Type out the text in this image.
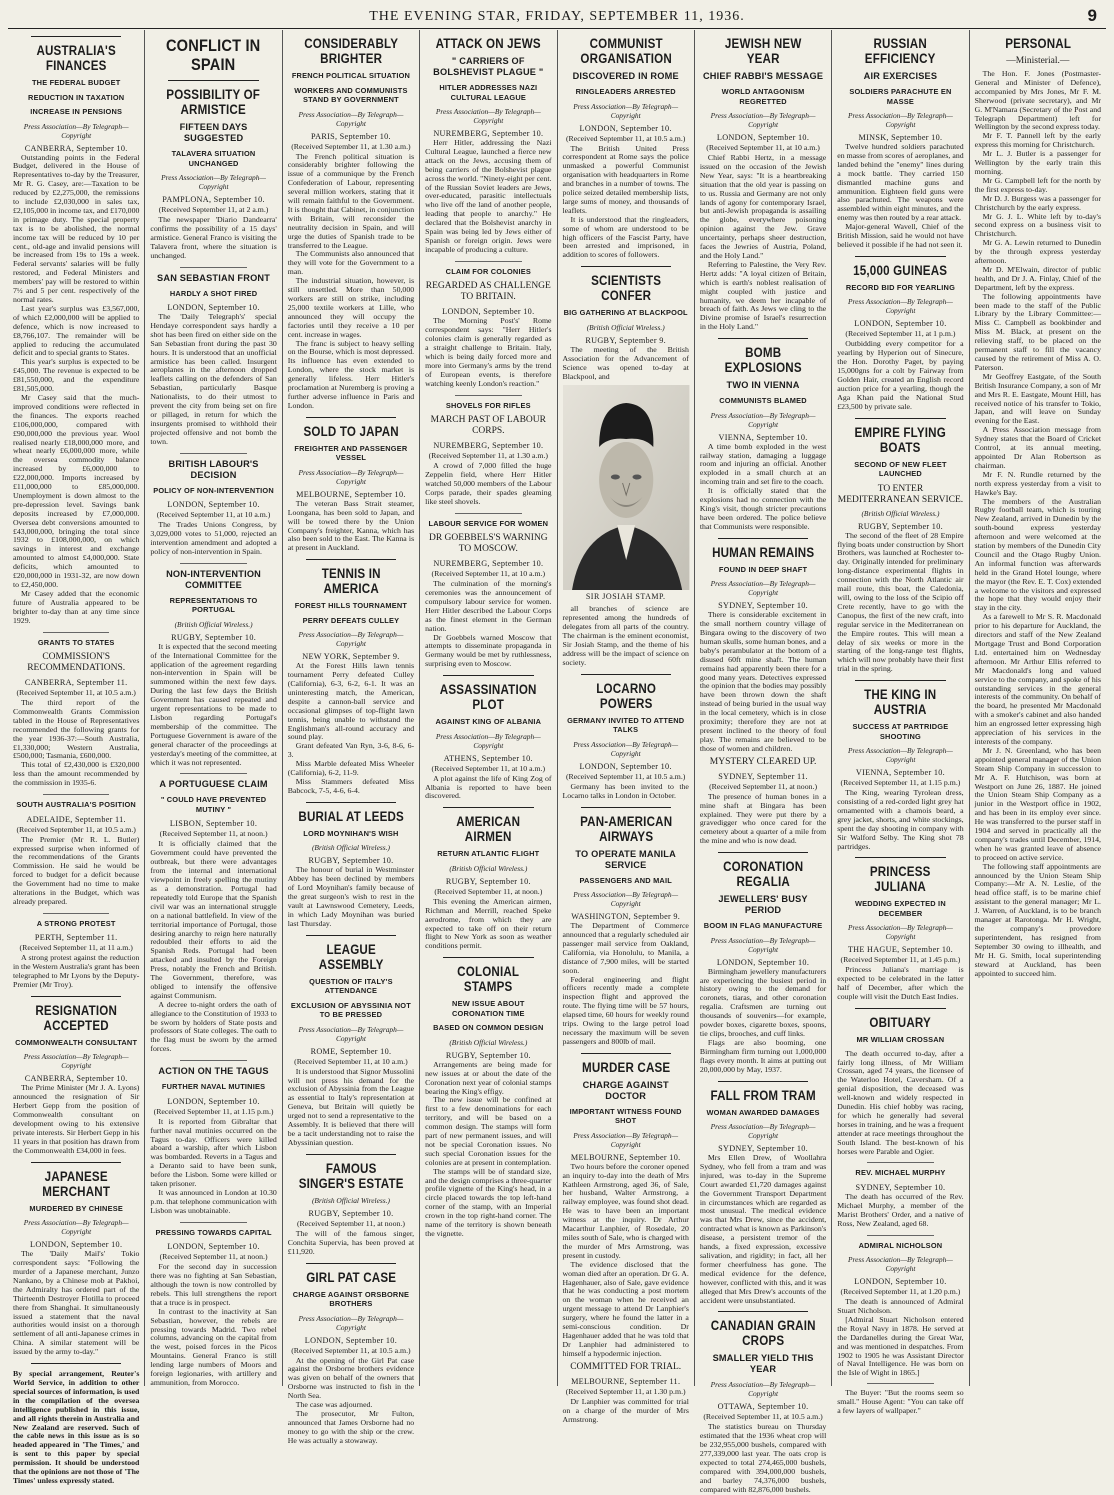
THE EVENING STAR, FRIDAY, SEPTEMBER 11, 1936.	9
AUSTRALIA'S FINANCES
THE FEDERAL BUDGET
REDUCTION IN TAXATION
INCREASE IN PENSIONS
Press Association—By Telegraph—Copyright
CANBERRA, September 10.

Outstanding points in the Federal Budget, delivered in the House of Representatives to-day by the Treasurer, Mr R. G. Casey, are:—Taxation to be reduced by £2,275,000, the remissions to include £2,030,000 in sales tax, £2,105,000 in income tax, and £170,000 in primage duty. The special property tax is to be abolished, the normal income tax will be reduced by 10 per cent., old-age and invalid pensions will be increased from 19s to 19s a week. Federal servants' salaries will be fully restored, and Federal Ministers and members' pay will be restored to within 7½ and 5 per cent. respectively of the normal rates.

Last year's surplus was £3,567,000, of which £2,000,000 will be applied to defence, which is now increased to £8,766,107. The remainder will be applied to reducing the accumulated deficit and to special grants to States.

This year's surplus is expected to be £45,000. The revenue is expected to be £81,550,000, and the expenditure £81,505,000.

Mr Casey said that the much-improved conditions were reflected in the finances. The exports reached £106,000,000, compared with £90,000,000 the previous year. Wool realised nearly £18,000,000 more, and wheat nearly £6,000,000 more, while the oversea commodity balance increased by £6,000,000 to £22,000,000. Imports increased by £11,000,000 to £85,000,000. Unemployment is down almost to the pre-depression level. Savings bank deposits increased by £7,000,000. Oversea debt conversions amounted to £43,000,000, bringing the total since 1932 to £108,000,000, on which savings in interest and exchange amounted to almost £4,000,000. State deficits, which amounted to £20,000,000 in 1931-32, are now down to £2,450,000.

Mr Casey added that the economic future of Australia appeared to be brighter to-day than at any time since 1929.

GRANTS TO STATES
COMMISSION'S RECOMMENDATIONS.
CANBERRA, September 11.
(Received September 11, at 10.5 a.m.)

The third report of the Commonwealth Grants Commission tabled in the House of Representatives recommended the following grants for the year 1936-37:—South Australia, £1,330,000; Western Australia, £500,000; Tasmania, £600,000.

This total of £2,430,000 is £320,000 less than the amount recommended by the commission in 1935-6.

SOUTH AUSTRALIA'S POSITION
ADELAIDE, September 11.
(Received September 11, at 10.5 a.m.)

The Premier (Mr R. L. Butler) expressed surprise when informed of the recommendations of the Grants Commission. He said he would be forced to budget for a deficit because the Government had no time to make alterations in the Budget, which was already prepared.

A STRONG PROTEST
PERTH, September 11.
(Received September 11, at 11 a.m.)

A strong protest against the reduction in the Western Australia's grant has been telegraphed to Mr Lyons by the Deputy-Premier (Mr Troy).

RESIGNATION ACCEPTED
COMMONWEALTH CONSULTANT
Press Association—By Telegraph—Copyright
CANBERRA, September 10.

The Prime Minister (Mr J. A. Lyons) announced the resignation of Sir Herbert Gepp from the position of Commonwealth consultant on development owing to his extensive private interests. Sir Herbert Gepp in his 11 years in that position has drawn from the Commonwealth £34,000 in fees.

JAPANESE MERCHANT
MURDERED BY CHINESE
Press Association—By Telegraph—Copyright
LONDON, September 10.

The 'Daily Mail's' Tokio correspondent says: "Following the murder of a Japanese merchant, Junzo Nankano, by a Chinese mob at Pakhoi, the Admiralty has ordered part of the Thirteenth Destroyer Flotilla to proceed there from Shanghai. It simultaneously issued a statement that the naval authorities would insist on a thorough settlement of all anti-Japanese crimes in China. A similar statement will be issued by the army to-day."

By special arrangement, Reuter's World Service, in addition to other special sources of information, is used in the compilation of the oversea intelligence published in this issue, and all rights therein in Australia and New Zealand are reserved. Such of the cable news in this issue as is so headed appeared in 'The Times,' and is sent to this paper by special permission. It should be understood that the opinions are not those of 'The Times' unless expressly stated.

CONFLICT IN SPAIN
POSSIBILITY OF ARMISTICE
FIFTEEN DAYS SUGGESTED
TALAVERA SITUATION UNCHANGED
Press Association—By Telegraph—Copyright
PAMPLONA, September 10.
(Received September 11, at 2 a.m.)

The newspaper 'Diario Dandearra' confirms the possibility of a 15 days' armistice. General Franco is visiting the Talavera front, where the situation is unchanged.

SAN SEBASTIAN FRONT
HARDLY A SHOT FIRED
LONDON, September 10.

The 'Daily Telegraph's' special Hendaye correspondent says hardly a shot has been fired on either side on the San Sebastian front during the past 30 hours. It is understood that an unofficial armistice has been called. Insurgent aeroplanes in the afternoon dropped leaflets calling on the defenders of San Sebastian, particularly Basque Nationalists, to do their utmost to prevent the city from being set on fire or pillaged, in return for which the insurgents promised to withhold their projected offensive and not bomb the town.

BRITISH LABOUR'S DECISION
POLICY OF NON-INTERVENTION
LONDON, September 10.
(Received September 11, at 10 a.m.)

The Trades Unions Congress, by 3,029,000 votes to 51,000, rejected an intervention amendment and adopted a policy of non-intervention in Spain.

NON-INTERVENTION COMMITTEE
REPRESENTATIONS TO PORTUGAL
(British Official Wireless.)
RUGBY, September 10.

It is expected that the second meeting of the International Committee for the application of the agreement regarding non-intervention in Spain will be summoned within the next few days. During the last few days the British Government has caused repeated and urgent representations to be made to Lisbon regarding Portugal's membership of the committee. The Portuguese Government is aware of the general character of the proceedings at yesterday's meeting of the committee, at which it was not represented.

A PORTUGUESE CLAIM
" COULD HAVE PREVENTED MUTINY "
LISBON, September 10.
(Received September 11, at noon.)

It is officially claimed that the Government could have prevented the outbreak, but there were advantages from the internal and international viewpoint in freely spelling the mutiny as a demonstration. Portugal had repeatedly told Europe that the Spanish civil war was an international struggle on a national battlefield. In view of the territorial importance of Portugal, those desiring anarchy to reign here naturally redoubled their efforts to aid the Spanish Reds. Portugal had been attacked and insulted by the Foreign Press, notably the French and British. The Government, therefore, was obliged to intensify the offensive against Communism.

A decree to-night orders the oath of allegiance to the Constitution of 1933 to be sworn by holders of State posts and professors of State colleges. The oath to the flag must be sworn by the armed forces.

ACTION ON THE TAGUS
FURTHER NAVAL MUTINIES
LONDON, September 10.
(Received September 11, at 1.15 p.m.)

It is reported from Gibraltar that further naval mutinies occurred on the Tagus to-day. Officers were killed aboard a warship, after which Lisbon was bombarded. Reverts in a Tagus and a Deranto said to have been sunk, before the Lisbon. Some were killed or taken prisoner.

It was announced in London at 10.30 p.m. that telephone communication with Lisbon was unobtainable.

PRESSING TOWARDS CAPITAL
LONDON, September 10.
(Received September 11, at noon.)

For the second day in succession there was no fighting at San Sebastian, although the town is now controlled by rebels. This lull strengthens the report that a truce is in prospect.

In contrast to the inactivity at San Sebastian, however, the rebels are pressing towards Madrid. Two rebel columns, advancing on the capital from the west, poised forces in the Picos Mountains. General Franco is still lending large numbers of Moors and foreign legionaries, with artillery and ammunition, from Morocco.

CONSIDERABLY BRIGHTER
FRENCH POLITICAL SITUATION
WORKERS AND COMMUNISTS STAND BY GOVERNMENT
Press Association—By Telegraph—Copyright
PARIS, September 10.
(Received September 11, at 1.30 a.m.)

The French political situation is considerably brighter following the issue of a communique by the French Confederation of Labour, representing several million workers, stating that it will remain faithful to the Government. It is thought that Cabinet, in conjunction with Britain, will reconsider the neutrality decision in Spain, and will urge the duties of Spanish trade to be transferred to the League.

The Communists also announced that they will vote for the Government to a man.

The industrial situation, however, is still unsettled. More than 50,000 workers are still on strike, including 25,000 textile workers at Lille, who announced they will occupy the factories until they receive a 10 per cent. increase in wages.

The franc is subject to heavy selling on the Bourse, which is most depressed. Its influence has even extended to London, where the stock market is generally lifeless. Herr Hitler's proclamation at Nuremberg is proving a further adverse influence in Paris and London.

SOLD TO JAPAN
FREIGHTER AND PASSENGER VESSEL
Press Association—By Telegraph—Copyright
MELBOURNE, September 10.

The veteran Bass Strait steamer, Loongana, has been sold to Japan, and will be towed there by the Union Company's freighter, Kanna, which has also been sold to the East. The Kanna is at present in Auckland.

TENNIS IN AMERICA
FOREST HILLS TOURNAMENT
PERRY DEFEATS CULLEY
Press Association—By Telegraph—Copyright
NEW YORK, September 9.

At the Forest Hills lawn tennis tournament Perry defeated Culley (California), 6-3, 6-2, 6-1. It was an uninteresting match, the American, despite a cannon-ball service and occasional glimpses of top-flight lawn tennis, being unable to withstand the Englishman's all-round accuracy and sound play.

Grant defeated Van Ryn, 3-6, 8-6, 6-3.

Miss Marble defeated Miss Wheeler (California), 6-2, 11-9.

Miss Stammers defeated Miss Babcock, 7-5, 4-6, 6-4.

BURIAL AT LEEDS
LORD MOYNIHAN'S WISH
(British Official Wireless.)
RUGBY, September 10.

The honour of burial in Westminster Abbey has been declined by members of Lord Moynihan's family because of the great surgeon's wish to rest in the vault at Lawnswood Cemetery, Leeds, in which Lady Moynihan was buried last Thursday.

LEAGUE ASSEMBLY
QUESTION OF ITALY'S ATTENDANCE
EXCLUSION OF ABYSSINIA NOT TO BE PRESSED
Press Association—By Telegraph—Copyright
ROME, September 10.
(Received September 11, at 10 a.m.)

It is understood that Signor Mussolini will not press his demand for the exclusion of Abyssinia from the League as essential to Italy's representation at Geneva, but Britain will quietly be urged not to send a representative to the Assembly. It is believed that there will be a tacit understanding not to raise the Abyssinian question.

FAMOUS SINGER'S ESTATE
(British Official Wireless.)
RUGBY, September 10.
(Received September 11, at noon.)

The will of the famous singer, Conchita Supervia, has been proved at £11,920.

GIRL PAT CASE
CHARGE AGAINST ORSBORNE BROTHERS
Press Association—By Telegraph—Copyright
LONDON, September 10.
(Received September 11, at 10.5 a.m.)

At the opening of the Girl Pat case against the Orsborne brothers evidence was given on behalf of the owners that Orsborne was instructed to fish in the North Sea.

The case was adjourned.

The prosecutor, Mr Fulton, announced that James Orsborne had no money to go with the ship or the crew. He was actually a stowaway.

ATTACK ON JEWS
" CARRIERS OF BOLSHEVIST PLAGUE "
HITLER ADDRESSES NAZI CULTURAL LEAGUE
Press Association—By Telegraph—Copyright
NUREMBERG, September 10.

Herr Hitler, addressing the Nazi Cultural League, launched a fierce new attack on the Jews, accusing them of being carriers of the Bolshevist plague across the world. "Ninety-eight per cent. of the Russian Soviet leaders are Jews, over-educated, parasitic intellectuals who live off the land of another people, leading that people to anarchy." He declared that the Bolshevist anarchy in Spain was being led by Jews either of Spanish or foreign origin. Jews were incapable of producing a culture.

CLAIM FOR COLONIES
REGARDED AS CHALLENGE TO BRITAIN.
LONDON, September 10.

The 'Morning Post's' Rome correspondent says: "Herr Hitler's colonies claim is generally regarded as a straight challenge to Britain. Italy, which is being daily forced more and more into Germany's arms by the trend of European events, is therefore watching keenly London's reaction."

SHOVELS FOR RIFLES
MARCH PAST OF LABOUR CORPS.
NUREMBERG, September 10.
(Received September 11, at 1.30 a.m.)

A crowd of 7,000 filled the huge Zeppelin field, where Herr Hitler watched 50,000 members of the Labour Corps parade, their spades gleaming like steel shovels.

LABOUR SERVICE FOR WOMEN
DR GOEBBELS'S WARNING TO MOSCOW.
NUREMBERG, September 10.
(Received September 11, at 10 a.m.)

The culmination of the morning's ceremonies was the announcement of compulsory labour service for women. Herr Hitler described the Labour Corps as the finest element in the German nation.

Dr Goebbels warned Moscow that attempts to disseminate propaganda in Germany would be met by ruthlessness, surprising even to Moscow.

ASSASSINATION PLOT
AGAINST KING OF ALBANIA
Press Association—By Telegraph—Copyright
ATHENS, September 10.
(Received September 11, at 10 a.m.)

A plot against the life of King Zog of Albania is reported to have been discovered.

AMERICAN AIRMEN
RETURN ATLANTIC FLIGHT
(British Official Wireless.)
RUGBY, September 10.
(Received September 11, at noon.)

This evening the American airmen, Richman and Merrill, reached Speke aerodrome, from which they are expected to take off on their return flight to New York as soon as weather conditions permit.

COLONIAL STAMPS
NEW ISSUE ABOUT CORONATION TIME
BASED ON COMMON DESIGN
(British Official Wireless.)
RUGBY, September 10.

Arrangements are being made for new issues at or about the date of the Coronation next year of colonial stamps bearing the King's effigy.

The new issue will be confined at first to a few denominations for each territory, and will be based on a common design. The stamps will form part of new permanent issues, and will not be special Coronation issues. No such special Coronation issues for the colonies are at present in contemplation.

The stamps will be of standard size, and the design comprises a three-quarter profile vignette of the King's head, in a circle placed towards the top left-hand corner of the stamp, with an Imperial crown in the top right-hand corner. The name of the territory is shown beneath the vignette.

COMMUNIST ORGANISATION
DISCOVERED IN ROME
RINGLEADERS ARRESTED
Press Association—By Telegraph—Copyright
LONDON, September 10.
(Received September 11, at 10.5 a.m.)

The British United Press correspondent at Rome says the police unmasked a powerful Communist organisation with headquarters in Rome and branches in a number of towns. The police seized detailed membership lists, large sums of money, and thousands of leaflets.

It is understood that the ringleaders, some of whom are understood to be high officers of the Fascist Party, have been arrested and imprisoned, in addition to scores of followers.

SCIENTISTS CONFER
BIG GATHERING AT BLACKPOOL
(British Official Wireless.)
RUGBY, September 9.

The meeting of the British Association for the Advancement of Science was opened to-day at Blackpool, and

SIR JOSIAH STAMP.

all branches of science are represented among the hundreds of delegates from all parts of the country. The chairman is the eminent economist, Sir Josiah Stamp, and the theme of his address will be the impact of science on society.

LOCARNO POWERS
GERMANY INVITED TO ATTEND TALKS
Press Association—By Telegraph—Copyright
LONDON, September 10.
(Received September 11, at 10.5 a.m.)

Germany has been invited to the Locarno talks in London in October.

PAN-AMERICAN AIRWAYS
TO OPERATE MANILA SERVICE
PASSENGERS AND MAIL
Press Association—By Telegraph—Copyright
WASHINGTON, September 9.

The Department of Commerce announced that a regularly scheduled air passenger mail service from Oakland, California, via Honolulu, to Manila, a distance of 7,900 miles, will be started soon.

Federal engineering and flight officers recently made a complete inspection flight and approved the route. The flying time will be 57 hours, elapsed time, 60 hours for weekly round trips. Owing to the large petrol load necessary the maximum will be seven passengers and 800lb of mail.

MURDER CASE
CHARGE AGAINST DOCTOR
IMPORTANT WITNESS FOUND SHOT
Press Association—By Telegraph—Copyright
MELBOURNE, September 10.

Two hours before the coroner opened an inquiry to-day into the death of Mrs Kathleen Armstrong, aged 36, of Sale, her husband, Walter Armstrong, a railway employee, was found shot dead. He was to have been an important witness at the inquiry. Dr Arthur Macarthur Lanphier, of Rosedale, 20 miles south of Sale, who is charged with the murder of Mrs Armstrong, was present in custody.

The evidence disclosed that the woman died after an operation. Dr G. A. Hagenhauer, also of Sale, gave evidence that he was conducting a post mortem on the woman when he received an urgent message to attend Dr Lanphier's surgery, where he found the latter in a semi-conscious condition. Dr Hagenhauer added that he was told that Dr Lanphier had administered to himself a hypodermic injection.

COMMITTED FOR TRIAL.
MELBOURNE, September 11.
(Received September 11, at 1.30 p.m.)

Dr Lanphier was committed for trial on a charge of the murder of Mrs Armstrong.

JEWISH NEW YEAR
CHIEF RABBI'S MESSAGE
WORLD ANTAGONISM REGRETTED
Press Association—By Telegraph—Copyright
LONDON, September 10.
(Received September 11, at 10 a.m.)

Chief Rabbi Hertz, in a message issued on the occasion of the Jewish New Year, says: "It is a heartbreaking situation that the old year is passing on to us. Russia and Germany are not only lands of agony for contemporary Israel, but anti-Jewish propaganda is assailing the globe, everywhere poisoning opinion against the Jew. Grave uncertainty, perhaps sheer destruction, faces the Jewries of Austria, Poland, and the Holy Land."

Referring to Palestine, the Very Rev. Hertz adds: "A loyal citizen of Britain, which is earth's noblest realisation of might coupled with justice and humanity, we deem her incapable of breach of faith. As Jews we cling to the Divine promise of Israel's resurrection in the Holy Land."

BOMB EXPLOSIONS
TWO IN VIENNA
COMMUNISTS BLAMED
Press Association—By Telegraph—Copyright
VIENNA, September 10.

A time bomb exploded in the west railway station, damaging a luggage room and injuring an official. Another exploded in a small church at an incoming train and set fire to the coach.

It is officially stated that the explosions had no connection with the King's visit, though stricter precautions have been ordered. The police believe that Communists were responsible.

HUMAN REMAINS
FOUND IN DEEP SHAFT
Press Association—By Telegraph—Copyright
SYDNEY, September 10.

There is considerable excitement in the small northern country village of Bingara owing to the discovery of two human skulls, some human bones, and a baby's perambulator at the bottom of a disused 60ft mine shaft. The human remains had apparently been there for a good many years. Detectives expressed the opinion that the bodies may possibly have been thrown down the shaft instead of being buried in the usual way in the local cemetery, which is in close proximity; therefore they are not at present inclined to the theory of foul play. The remains are believed to be those of women and children.

MYSTERY CLEARED UP.
SYDNEY, September 11.
(Received September 11, at noon.)

The presence of human bones in a mine shaft at Bingara has been explained. They were put there by a gravedigger who once cared for the cemetery about a quarter of a mile from the mine and who is now dead.

CORONATION REGALIA
JEWELLERS' BUSY PERIOD
BOOM IN FLAG MANUFACTURE
Press Association—By Telegraph—Copyright
LONDON, September 10.

Birmingham jewellery manufacturers are experiencing the busiest period in history owing to the demand for coronets, tiaras, and other coronation regalia. Craftsmen are turning out thousands of souvenirs—for example, powder boxes, cigarette boxes, spoons, tie clips, brooches, and cuff links.

Flags are also booming, one Birmingham firm turning out 1,000,000 flags every month. It aims at putting out 20,000,000 by May, 1937.

FALL FROM TRAM
WOMAN AWARDED DAMAGES
Press Association—By Telegraph—Copyright
SYDNEY, September 10.

Mrs Ellen Drew, of Woollahra Sydney, who fell from a tram and was injured, was to-day in the Supreme Court awarded £1,720 damages against the Government Transport Department in circumstances which are regarded as most unusual. The medical evidence was that Mrs Drew, since the accident, contracted what is known as Parkinson's disease, a persistent tremor of the hands, a fixed expression, excessive salivation, and rigidity; in fact, all her former cheerfulness has gone. The medical evidence for the defence, however, conflicted with this, and it was alleged that Mrs Drew's accounts of the accident were unsubstantiated.

CANADIAN GRAIN CROPS
SMALLER YIELD THIS YEAR
Press Association—By Telegraph—Copyright
OTTAWA, September 10.
(Received September 11, at 10.5 a.m.)

The statistics bureau on Thursday estimated that the 1936 wheat crop will be 232,955,000 bushels, compared with 277,339,000 last year. The oats crop is expected to total 274,465,000 bushels, compared with 394,000,000 bushels, and barley 74,376,000 bushels, compared with 82,876,000 bushels.

RUSSIAN EFFICIENCY
AIR EXERCISES
SOLDIERS PARACHUTE EN MASSE
Press Association—By Telegraph—Copyright
MINSK, September 10.

Twelve hundred soldiers parachuted en masse from scores of aeroplanes, and landed behind the "enemy" lines during a mock battle. They carried 150 dismantled machine guns and ammunition. Eighteen field guns were also parachuted. The weapons were assembled within eight minutes, and the enemy was then routed by a rear attack.

Major-general Wavell, Chief of the British Mission, said he would not have believed it possible if he had not seen it.

15,000 GUINEAS
RECORD BID FOR YEARLING
Press Association—By Telegraph—Copyright
LONDON, September 10.
(Received September 11, at 1 p.m.)

Outbidding every competitor for a yearling by Hyperion out of Sinecure, the Hon. Dorothy Paget, by paying 15,000gns for a colt by Fairway from Golden Hair, created an English record auction price for a yearling, though the Aga Khan paid the National Stud £23,500 by private sale.

EMPIRE FLYING BOATS
SECOND OF NEW FLEET LAUNCHED
TO ENTER MEDITERRANEAN SERVICE.
(British Official Wireless.)
RUGBY, September 10.

The second of the fleet of 28 Empire flying boats under construction by Short Brothers, was launched at Rochester to-day. Originally intended for preliminary long-distance experimental flights in connection with the North Atlantic air mail route, this boat, the Caledonia, will, owing to the loss of the Scipio off Crete recently, have to go with the Canopus, the first of the new craft, into regular service in the Mediterranean on the Empire routes. This will mean a delay of six weeks or more in the starting of the long-range test flights, which will now probably have their first trial in the spring.

THE KING IN AUSTRIA
SUCCESS AT PARTRIDGE SHOOTING
Press Association—By Telegraph—Copyright
VIENNA, September 10.
(Received September 11, at 1.15 p.m.)

The King, wearing Tyrolean dress, consisting of a red-corded light grey hat ornamented with a chamois beard, a grey jacket, shorts, and white stockings, spent the day shooting in company with Sir Walford Selby. The King shot 78 partridges.

PRINCESS JULIANA
WEDDING EXPECTED IN DECEMBER
Press Association—By Telegraph—Copyright
THE HAGUE, September 10.
(Received September 11, at 1.45 p.m.)

Princess Juliana's marriage is expected to be celebrated in the latter half of December, after which the couple will visit the Dutch East Indies.

OBITUARY
MR WILLIAM CROSSAN

The death occurred to-day, after a fairly long illness, of Mr William Crossan, aged 74 years, the licensee of the Waterloo Hotel, Caversham. Of a genial disposition, the deceased was well-known and widely respected in Dunedin. His chief hobby was racing, for which he generally had several horses in training, and he was a frequent attender at race meetings throughout the South Island. The best-known of his horses were Parable and Ogier.

REV. MICHAEL MURPHY
SYDNEY, September 10.

The death has occurred of the Rev. Michael Murphy, a member of the Marist Brothers' Order, and a native of Ross, New Zealand, aged 68.

ADMIRAL NICHOLSON
Press Association—By Telegraph—Copyright
LONDON, September 10.
(Received September 11, at 1.20 p.m.)

The death is announced of Admiral Stuart Nicholson.

[Admiral Stuart Nicholson entered the Royal Navy in 1878. He served at the Dardanelles during the Great War, and was mentioned in despatches. From 1902 to 1905 he was Assistant Director of Naval Intelligence. He was born on the Isle of Wight in 1865.]

The Buyer: "But the rooms seem so small." House Agent: "You can take off a few layers of wallpaper."

PERSONAL
—Ministerial.—

The Hon. F. Jones (Postmaster-General and Minister of Defence), accompanied by Mrs Jones, Mr F. M. Sherwood (private secretary), and Mr G. M'Namara (Secretary of the Post and Telegraph Department) left for Wellington by the second express today.

Mr F. T. Pannell left by the early express this morning for Christchurch.

Mr L. J. Butler is a passenger for Wellington by the early train this morning.

Mr G. Campbell left for the north by the first express to-day.

Mr D. J. Burgess was a passenger for Christchurch by the early express.

Mr G. J. L. White left by to-day's second express on a business visit to Christchurch.

Mr G. A. Lewin returned to Dunedin by the through express yesterday afternoon.

Mr D. M'Elwain, director of public health, and Dr J. A. Finlay, Chief of the Department, left by the express.

The following appointments have been made to the staff of the Public Library by the Library Committee:—Miss C. Campbell as bookbinder and Miss M. Black, at present on the relieving staff, to be placed on the permanent staff to fill the vacancy caused by the retirement of Miss A. O. Paterson.

Mr Geoffrey Eastgate, of the South British Insurance Company, a son of Mr and Mrs R. E. Eastgate, Mount Hill, has received notice of his transfer to Tokio, Japan, and will leave on Sunday evening for the East.

A Press Association message from Sydney states that the Board of Cricket Control, at its annual meeting, appointed Dr Alan Robertson as chairman.

Mr F. N. Rundle returned by the north express yesterday from a visit to Hawke's Bay.

The members of the Australian Rugby football team, which is touring New Zealand, arrived in Dunedin by the south-bound express yesterday afternoon and were welcomed at the station by members of the Dunedin City Council and the Otago Rugby Union. An informal function was afterwards held in the Grand Hotel lounge, where the mayor (the Rev. E. T. Cox) extended a welcome to the visitors and expressed the hope that they would enjoy their stay in the city.

As a farewell to Mr S. R. Macdonald prior to his departure for Auckland, the directors and staff of the New Zealand Mortgage Trust and Bond Corporation Ltd. entertained him on Wednesday afternoon. Mr Arthur Ellis referred to Mr Macdonald's long and valued service to the company, and spoke of his outstanding services in the general interests of the community. On behalf of the board, he presented Mr Macdonald with a smoker's cabinet and also handed him an engrossed letter expressing high appreciation of his services in the interests of the company.

Mr J. N. Greenland, who has been appointed general manager of the Union Steam Ship Company in succession to Mr A. F. Hutchison, was born at Westport on June 26, 1887. He joined the Union Steam Ship Company as a junior in the Westport office in 1902, and has been in its employ ever since. He was transferred to the purser staff in 1904 and served in practically all the company's trades until December, 1914, when he was granted leave of absence to proceed on active service.

The following staff appointments are announced by the Union Steam Ship Company:—Mr A. N. Leslie, of the head office staff, is to be marine chief assistant to the general manager; Mr L. J. Warren, of Auckland, is to be branch manager at Rarotonga. Mr H. Wright, the company's provedore superintendent, has resigned from September 30 owing to illhealth, and Mr H. G. Smith, local superintending steward at Auckland, has been appointed to succeed him.
